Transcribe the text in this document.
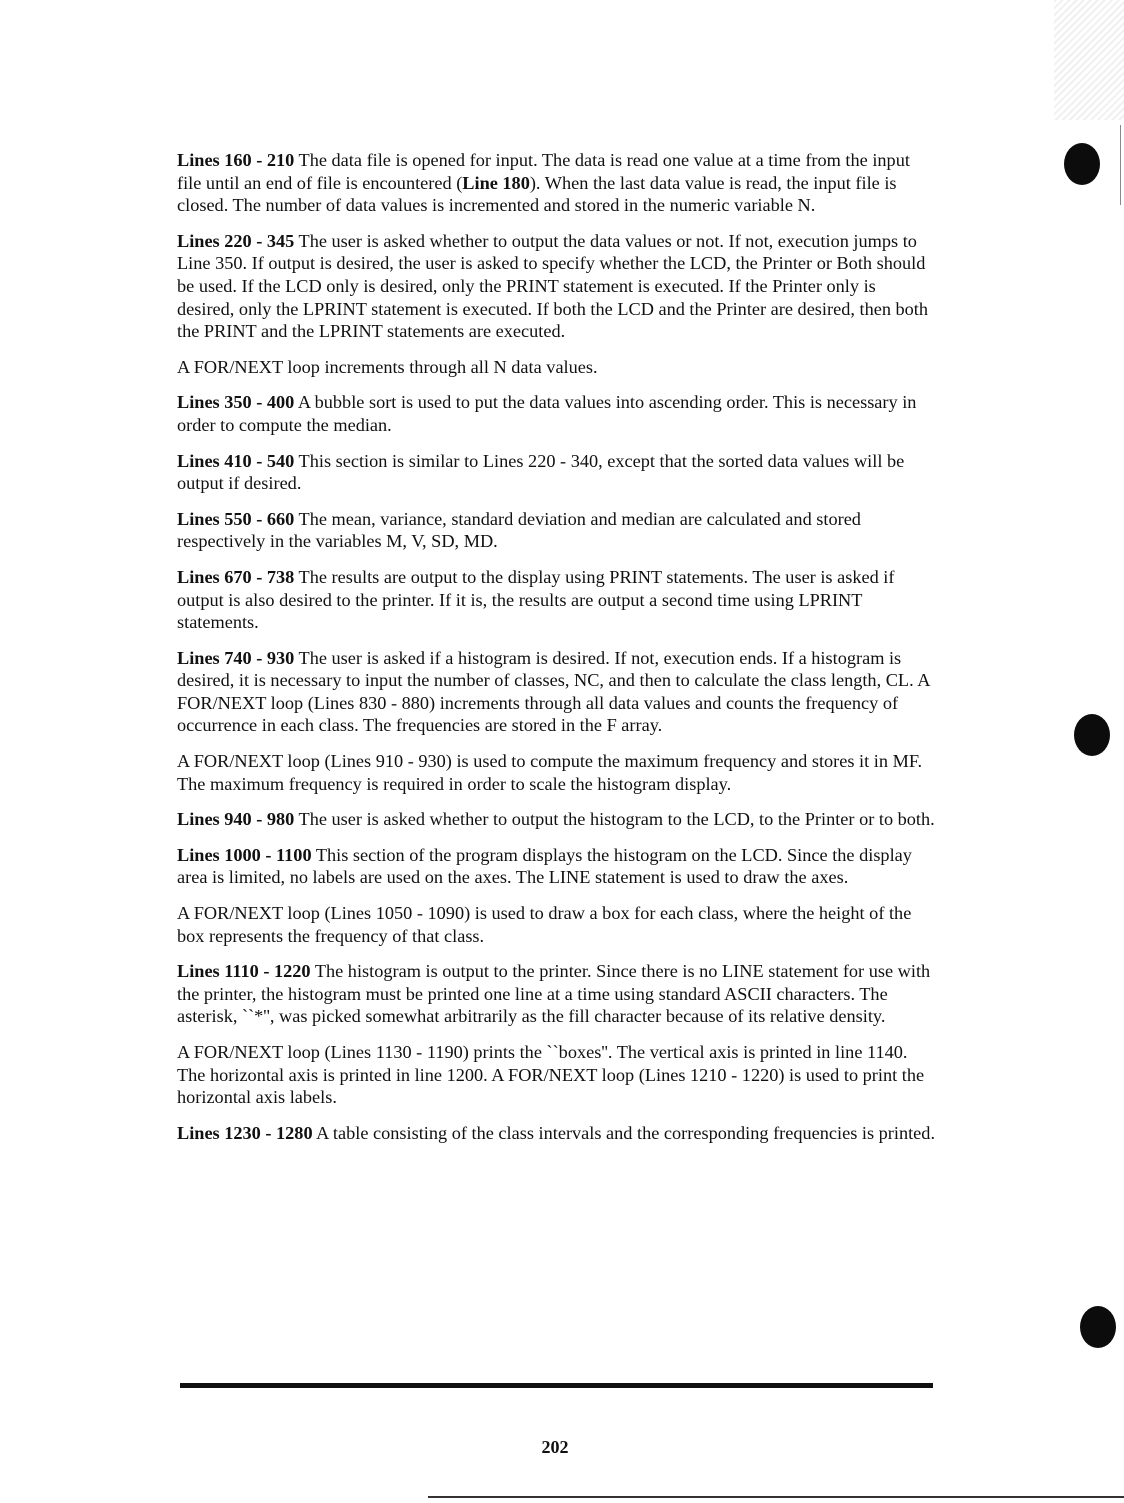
Lines 160 - 210 The data file is opened for input. The data is read one value at a time from the input file until an end of file is encountered (Line 180). When the last data value is read, the input file is closed. The number of data values is incremented and stored in the numeric variable N.

Lines 220 - 345 The user is asked whether to output the data values or not. If not, execution jumps to Line 350. If output is desired, the user is asked to specify whether the LCD, the Printer or Both should be used. If the LCD only is desired, only the PRINT statement is executed. If the Printer only is desired, only the LPRINT statement is executed. If both the LCD and the Printer are desired, then both the PRINT and the LPRINT statements are executed.

A FOR/NEXT loop increments through all N data values.

Lines 350 - 400 A bubble sort is used to put the data values into ascending order. This is necessary in order to compute the median.

Lines 410 - 540 This section is similar to Lines 220 - 340, except that the sorted data values will be output if desired.

Lines 550 - 660 The mean, variance, standard deviation and median are calculated and stored respectively in the variables M, V, SD, MD.

Lines 670 - 738 The results are output to the display using PRINT statements. The user is asked if output is also desired to the printer. If it is, the results are output a second time using LPRINT statements.

Lines 740 - 930 The user is asked if a histogram is desired. If not, execution ends. If a histogram is desired, it is necessary to input the number of classes, NC, and then to calculate the class length, CL. A FOR/NEXT loop (Lines 830 - 880) increments through all data values and counts the frequency of occurrence in each class. The frequencies are stored in the F array.

A FOR/NEXT loop (Lines 910 - 930) is used to compute the maximum frequency and stores it in MF. The maximum frequency is required in order to scale the histogram display.

Lines 940 - 980 The user is asked whether to output the histogram to the LCD, to the Printer or to both.

Lines 1000 - 1100 This section of the program displays the histogram on the LCD. Since the display area is limited, no labels are used on the axes. The LINE statement is used to draw the axes.

A FOR/NEXT loop (Lines 1050 - 1090) is used to draw a box for each class, where the height of the box represents the frequency of that class.

Lines 1110 - 1220 The histogram is output to the printer. Since there is no LINE statement for use with the printer, the histogram must be printed one line at a time using standard ASCII characters. The asterisk, ``*'', was picked somewhat arbitrarily as the fill character because of its relative density.

A FOR/NEXT loop (Lines 1130 - 1190) prints the ``boxes''. The vertical axis is printed in line 1140. The horizontal axis is printed in line 1200. A FOR/NEXT loop (Lines 1210 - 1220) is used to print the horizontal axis labels.

Lines 1230 - 1280 A table consisting of the class intervals and the corresponding frequencies is printed.

202
